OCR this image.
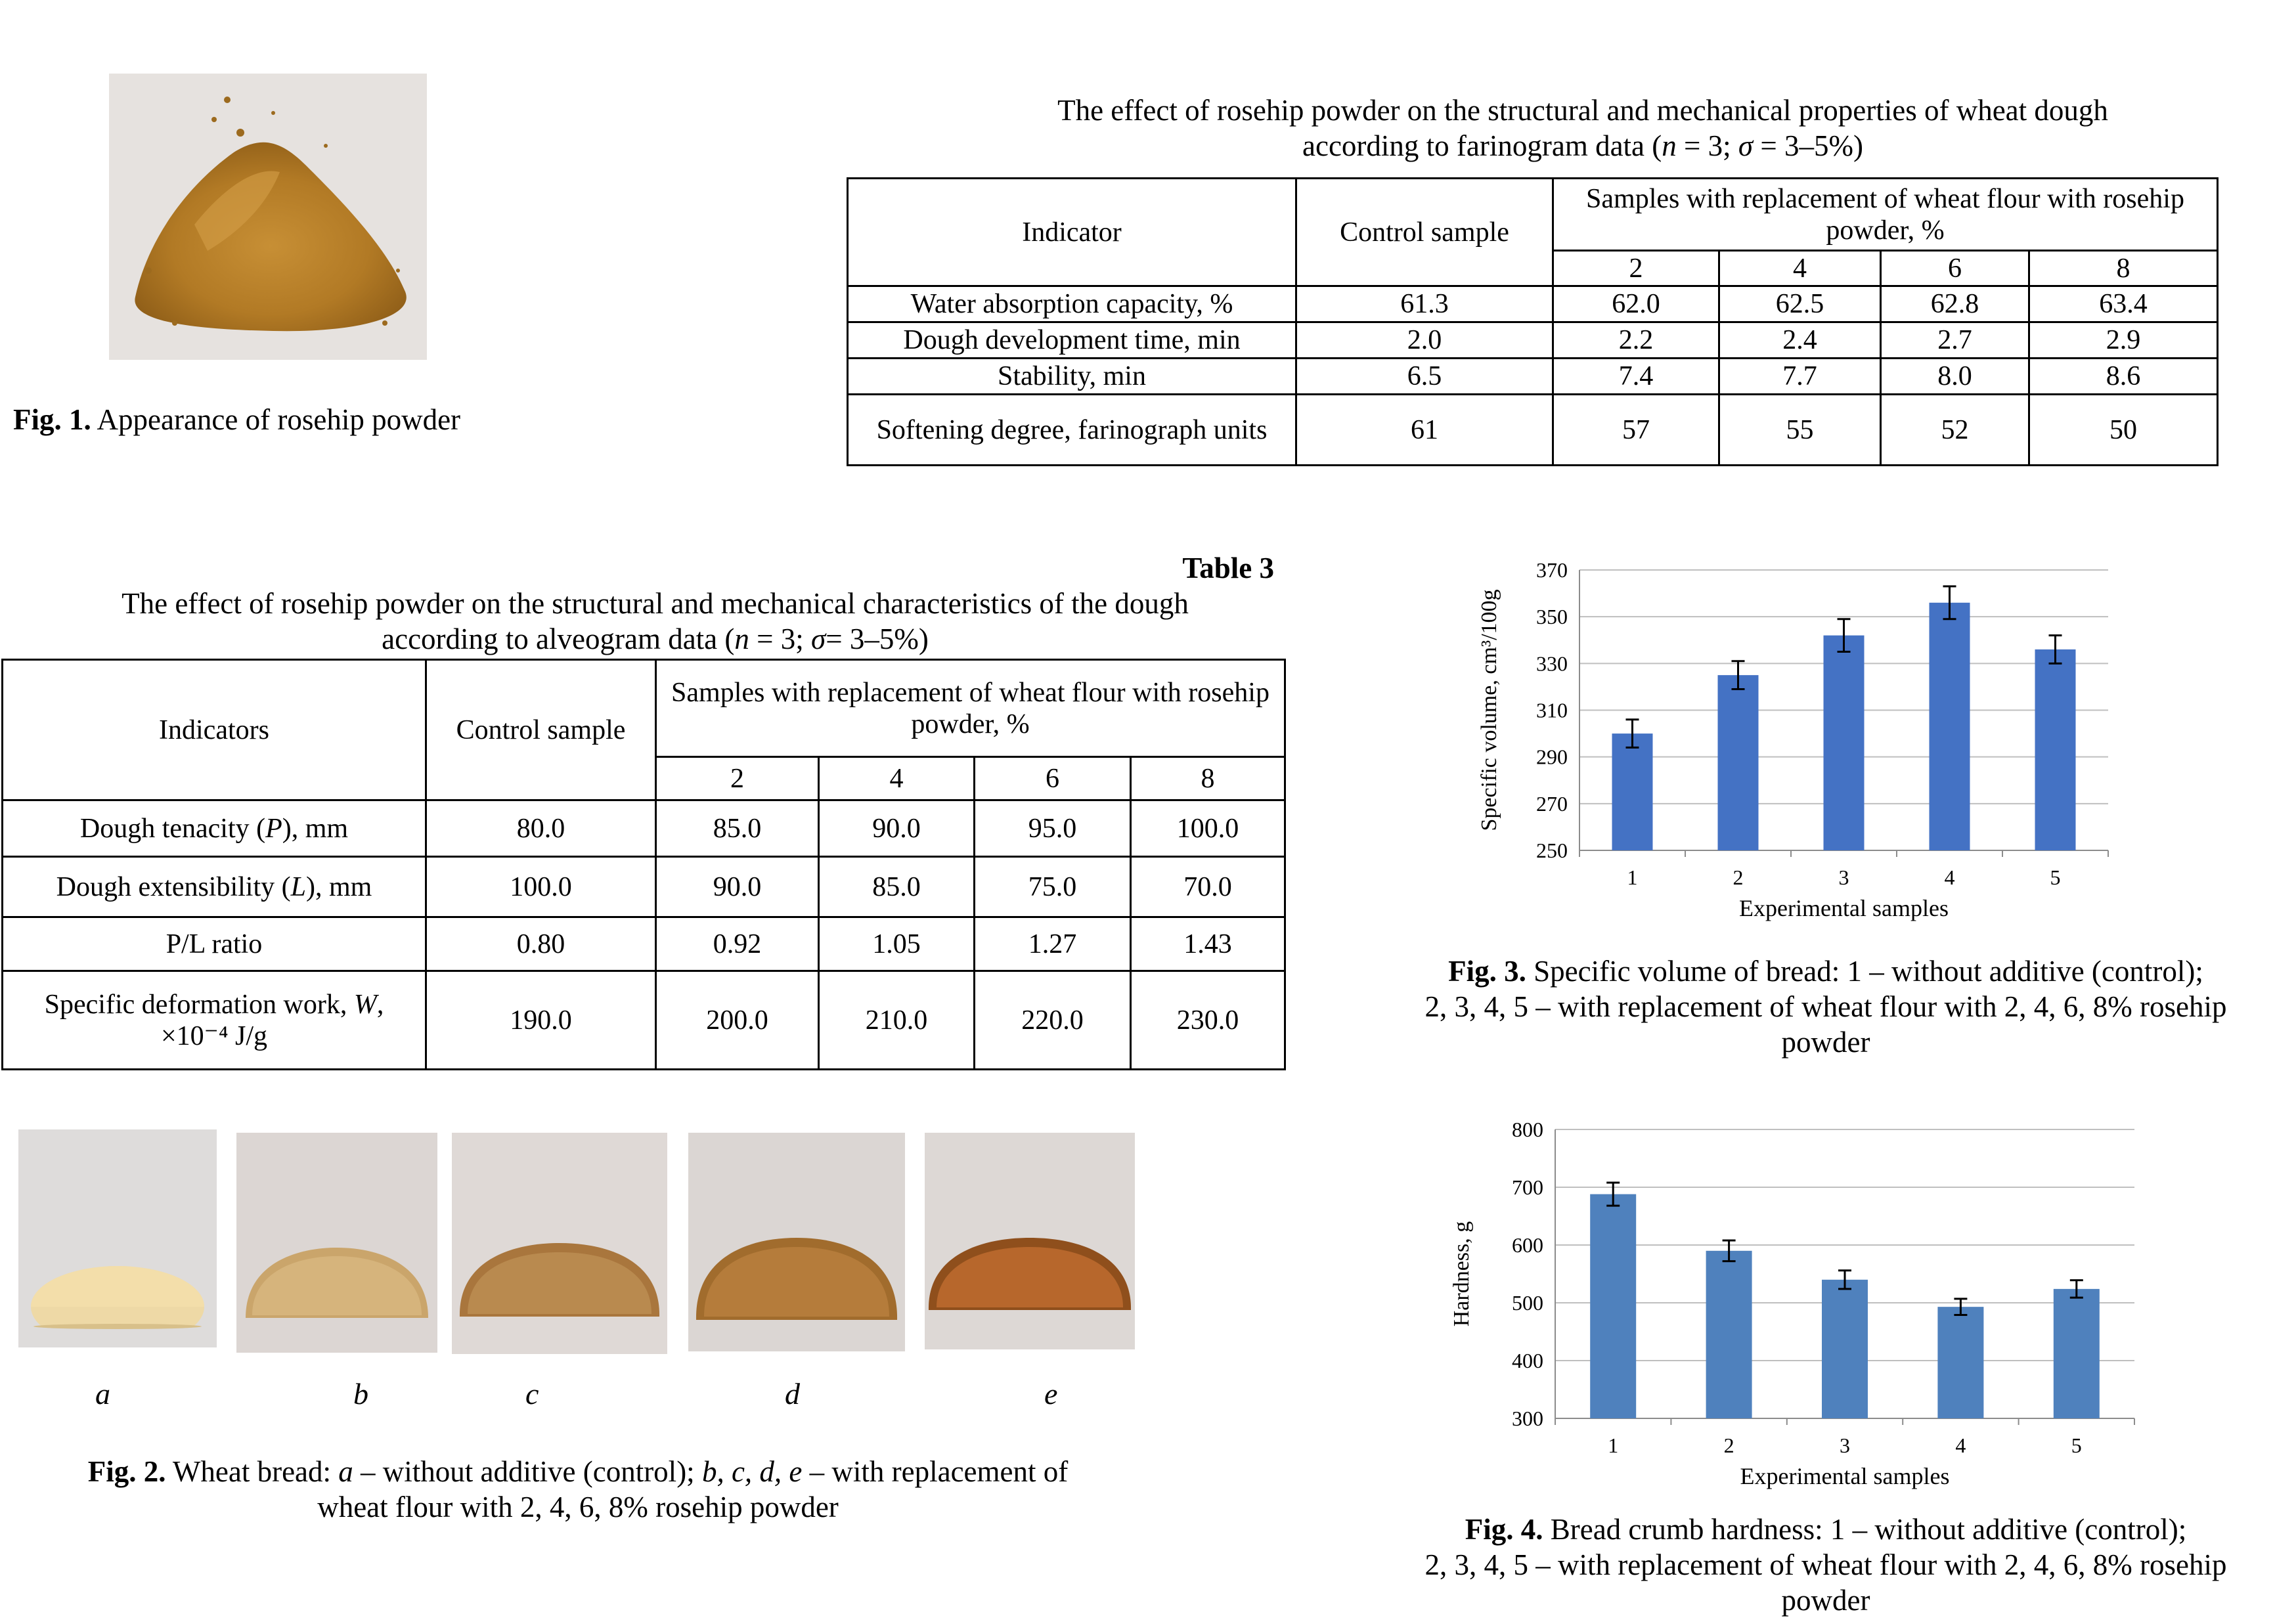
Fig. 1. Appearance of rosehip powder
The effect of rosehip powder on the structural and mechanical properties of wheat dough
according to farinogram data (n = 3; σ = 3–5%)
Indicator	Control sample	Samples with replacement of wheat flour with rosehip powder, %			
		2	4	6	8
Water absorption capacity, %	61.3	62.0	62.5	62.8	63.4
Dough development time, min	2.0	2.2	2.4	2.7	2.9
Stability, min	6.5	7.4	7.7	8.0	8.6
Softening degree, farinograph units	61	57	55	52	50
Table 3
The effect of rosehip powder on the structural and mechanical characteristics of the dough
according to alveogram data (n = 3; σ= 3–5%)
Indicators	Control sample	Samples with replacement of wheat flour with rosehip powder, %			
		2	4	6	8
Dough tenacity (P), mm	80.0	85.0	90.0	95.0	100.0
Dough extensibility (L), mm	100.0	90.0	85.0	75.0	70.0
P/L ratio	0.80	0.92	1.05	1.27	1.43
Specific deformation work, W,
×10⁻⁴ J/g	190.0	200.0	210.0	220.0	230.0
a	b	c	d	e
Fig. 2. Wheat bread: a – without additive (control); b, c, d, e – with replacement of
wheat flour with 2, 4, 6, 8% rosehip powder
250
270
290
310
330
350
370
1	2	3	4	5
Experimental samples
Specific volume, cm³/100g
Fig. 3. Specific volume of bread: 1 – without additive (control);
2, 3, 4, 5 – with replacement of wheat flour with 2, 4, 6, 8% rosehip
powder
300
400
500
600
700
800
1	2	3	4	5
Experimental samples
Hardness, g
Fig. 4. Bread crumb hardness: 1 – without additive (control);
2, 3, 4, 5 – with replacement of wheat flour with 2, 4, 6, 8% rosehip
powder
